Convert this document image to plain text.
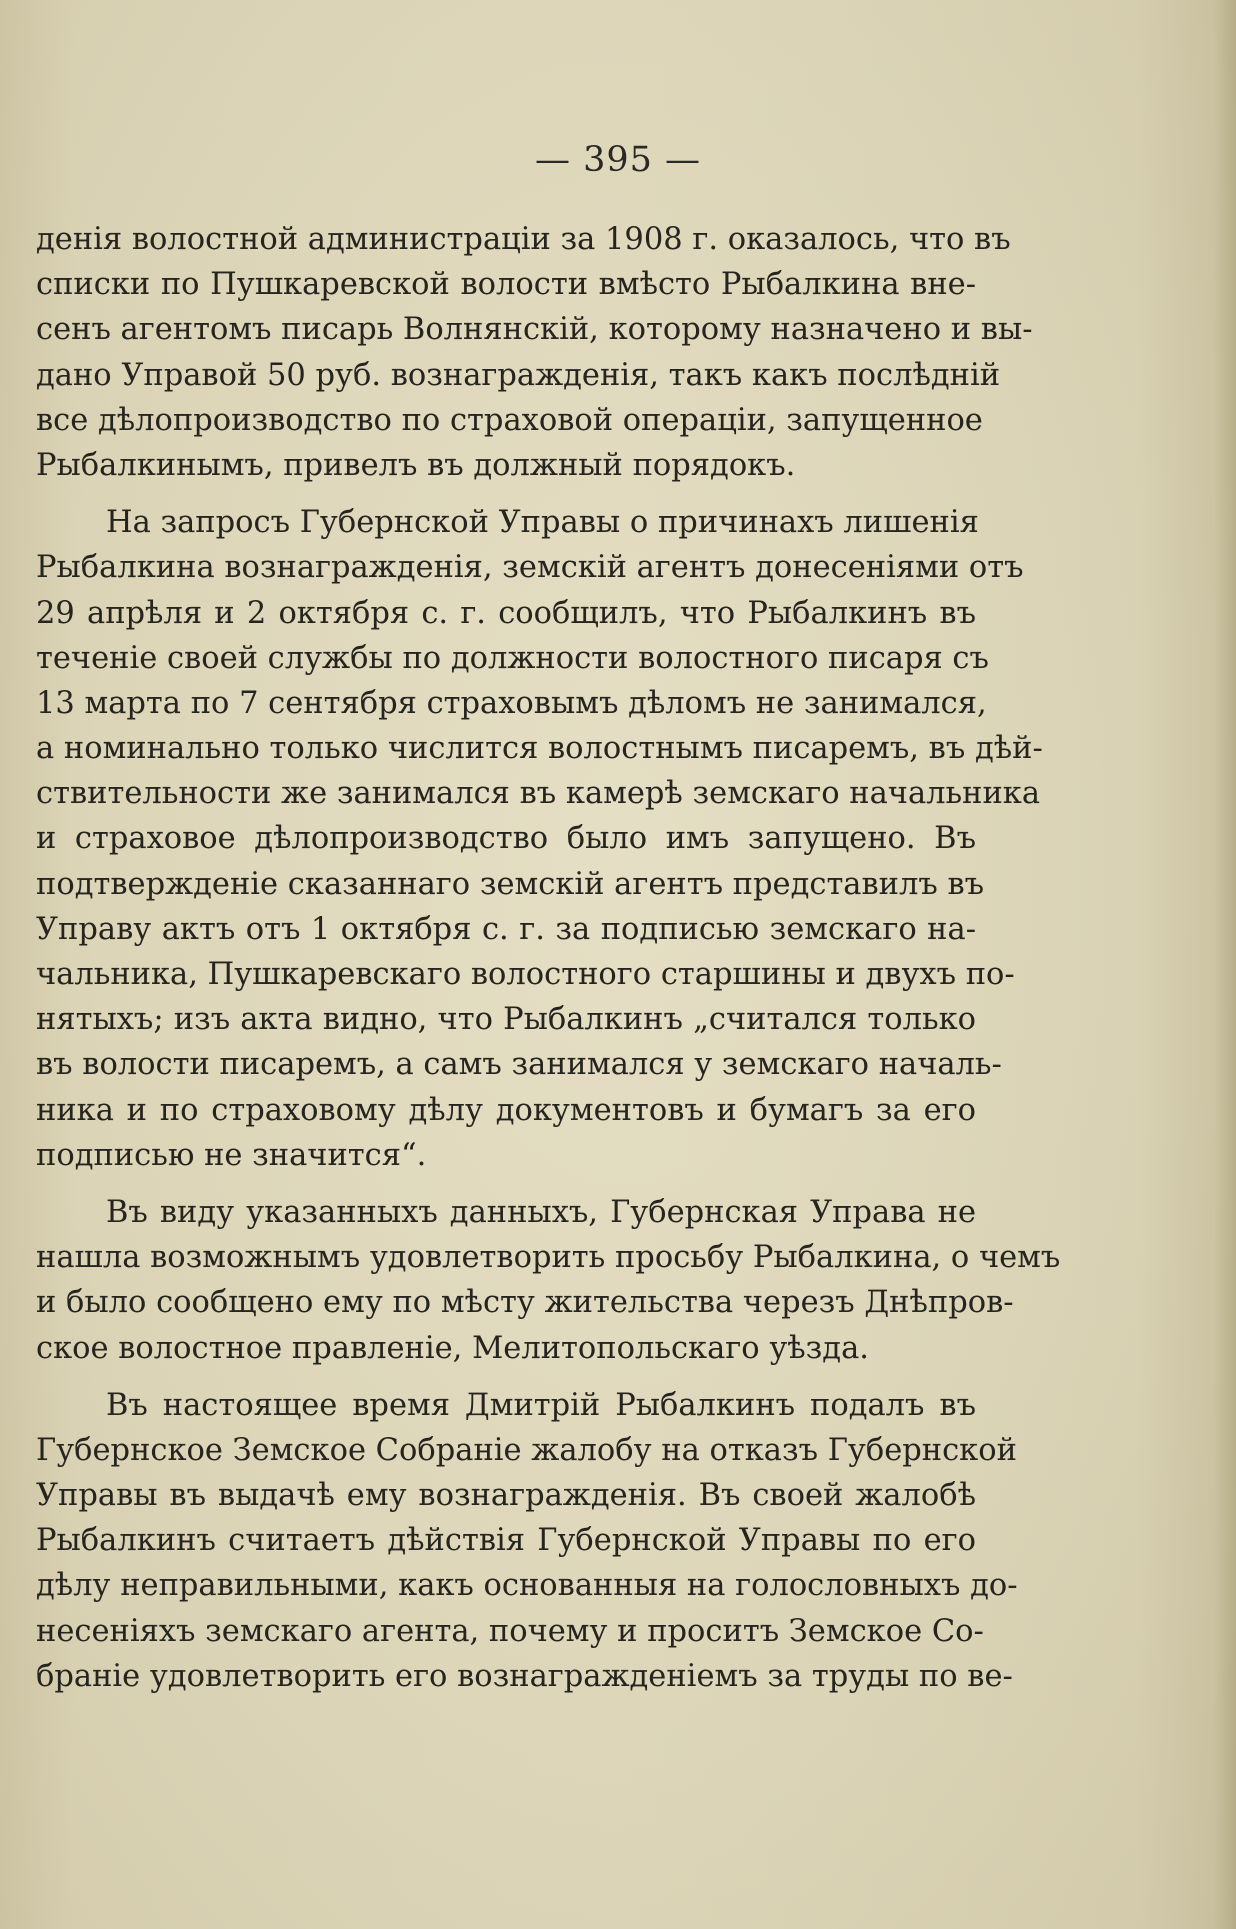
— 395 —
денія волостной администраціи за 1908 г. оказалось, что въ
списки по Пушкаревской волости вмѣсто Рыбалкина вне-
сенъ агентомъ писарь Волнянскій, которому назначено и вы-
дано Управой 50 руб. вознагражденія, такъ какъ послѣдній
все дѣлопроизводство по страховой операціи, запущенное
Рыбалкинымъ, привелъ въ должный порядокъ.
На запросъ Губернской Управы о причинахъ лишенія
Рыбалкина вознагражденія, земскій агентъ донесеніями отъ
29 апрѣля и 2 октября с. г. сообщилъ, что Рыбалкинъ въ
теченіе своей службы по должности волостного писаря съ
13 марта по 7 сентября страховымъ дѣломъ не занимался,
а номинально только числится волостнымъ писаремъ, въ дѣй-
ствительности же занимался въ камерѣ земскаго начальника
и страховое дѣлопроизводство было имъ запущено. Въ
подтвержденіе сказаннаго земскій агентъ представилъ въ
Управу актъ отъ 1 октября с. г. за подписью земскаго на-
чальника, Пушкаревскаго волостного старшины и двухъ по-
нятыхъ; изъ акта видно, что Рыбалкинъ „считался только
въ волости писаремъ, а самъ занимался у земскаго началь-
ника и по страховому дѣлу документовъ и бумагъ за его
подписью не значится“.
Въ виду указанныхъ данныхъ, Губернская Управа не
нашла возможнымъ удовлетворить просьбу Рыбалкина, о чемъ
и было сообщено ему по мѣсту жительства черезъ Днѣпров-
ское волостное правленіе, Мелитопольскаго уѣзда.
Въ настоящее время Дмитрій Рыбалкинъ подалъ въ
Губернское Земское Собраніе жалобу на отказъ Губернской
Управы въ выдачѣ ему вознагражденія. Въ своей жалобѣ
Рыбалкинъ считаетъ дѣйствія Губернской Управы по его
дѣлу неправильными, какъ основанныя на голословныхъ до-
несеніяхъ земскаго агента, почему и проситъ Земское Со-
браніе удовлетворить его вознагражденіемъ за труды по ве-
